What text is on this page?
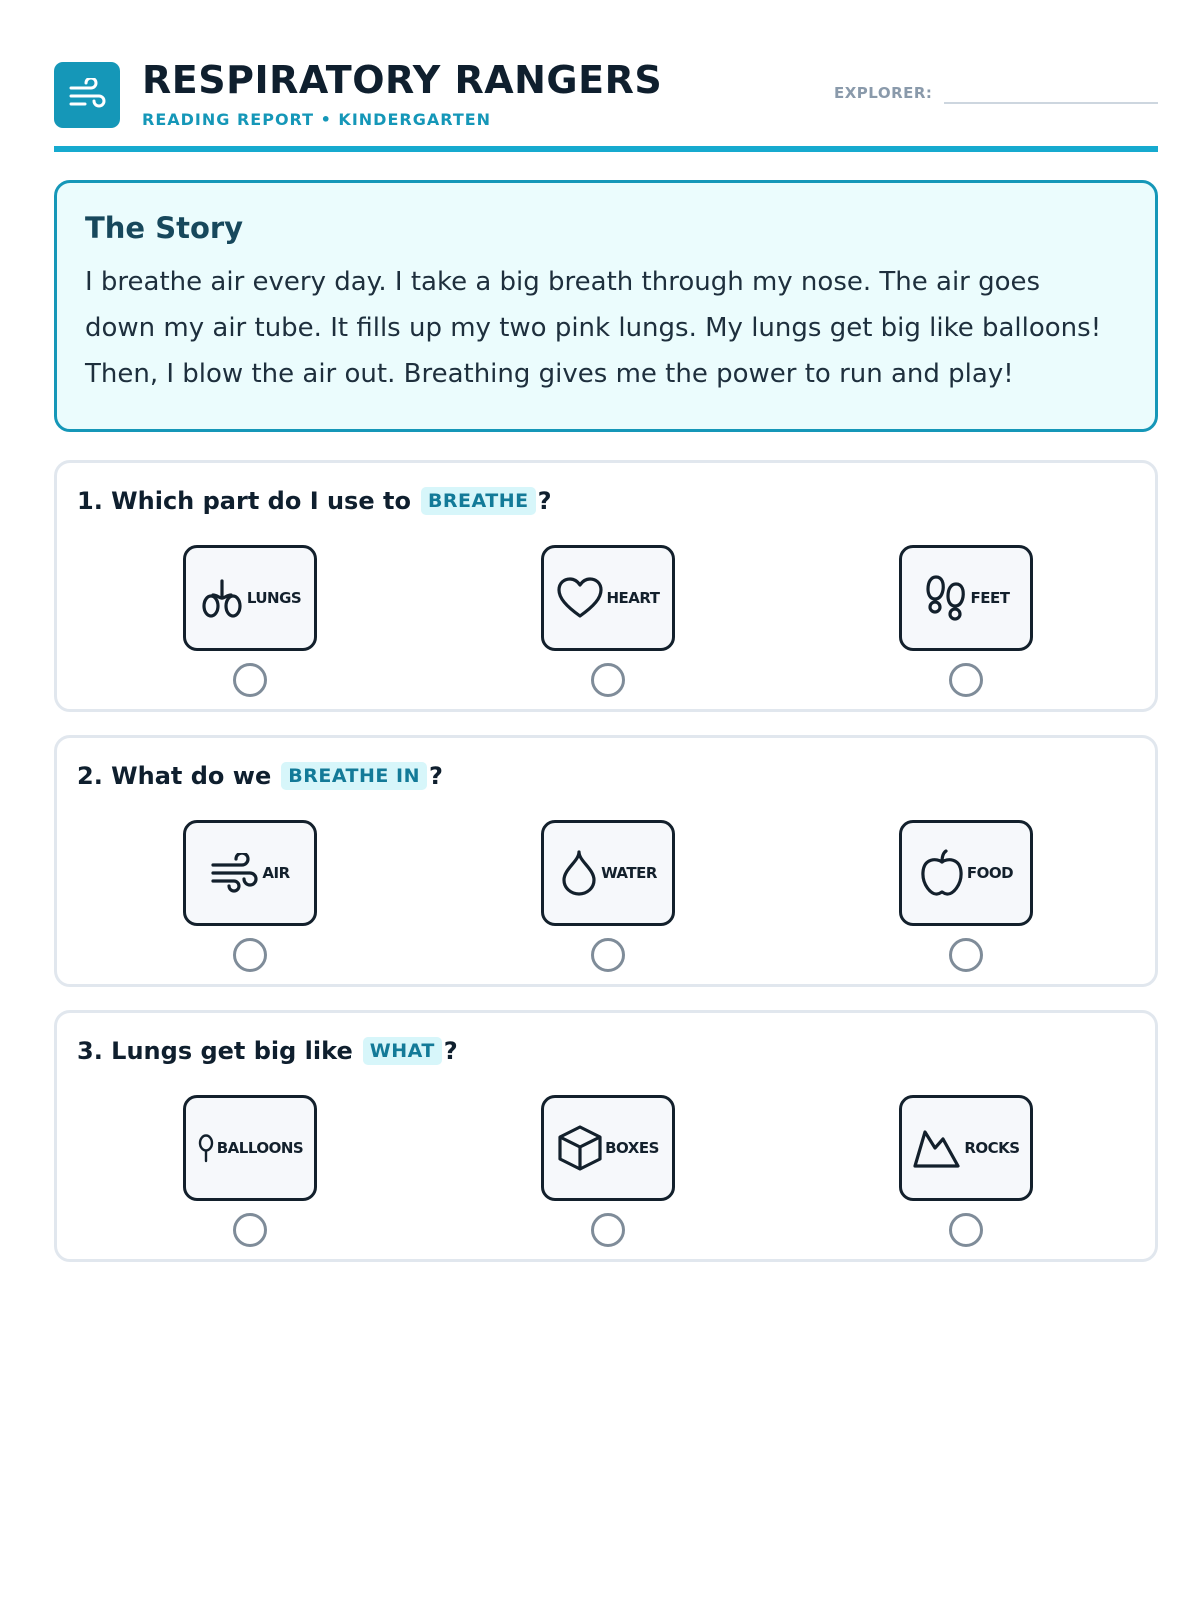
RESPIRATORY RANGERS
READING REPORT • KINDERGARTEN
EXPLORER:
The Story
I breathe air every day. I take a big breath through my nose. The air goes down my air tube. It fills up my two pink lungs. My lungs get big like balloons! Then, I blow the air out. Breathing gives me the power to run and play!
1. Which part do I use to BREATHE ?
LUNGS	HEART	FEET
2. What do we BREATHE IN ?
AIR	WATER	FOOD
3. Lungs get big like WHAT ?
BALLOONS	BOXES	ROCKS
